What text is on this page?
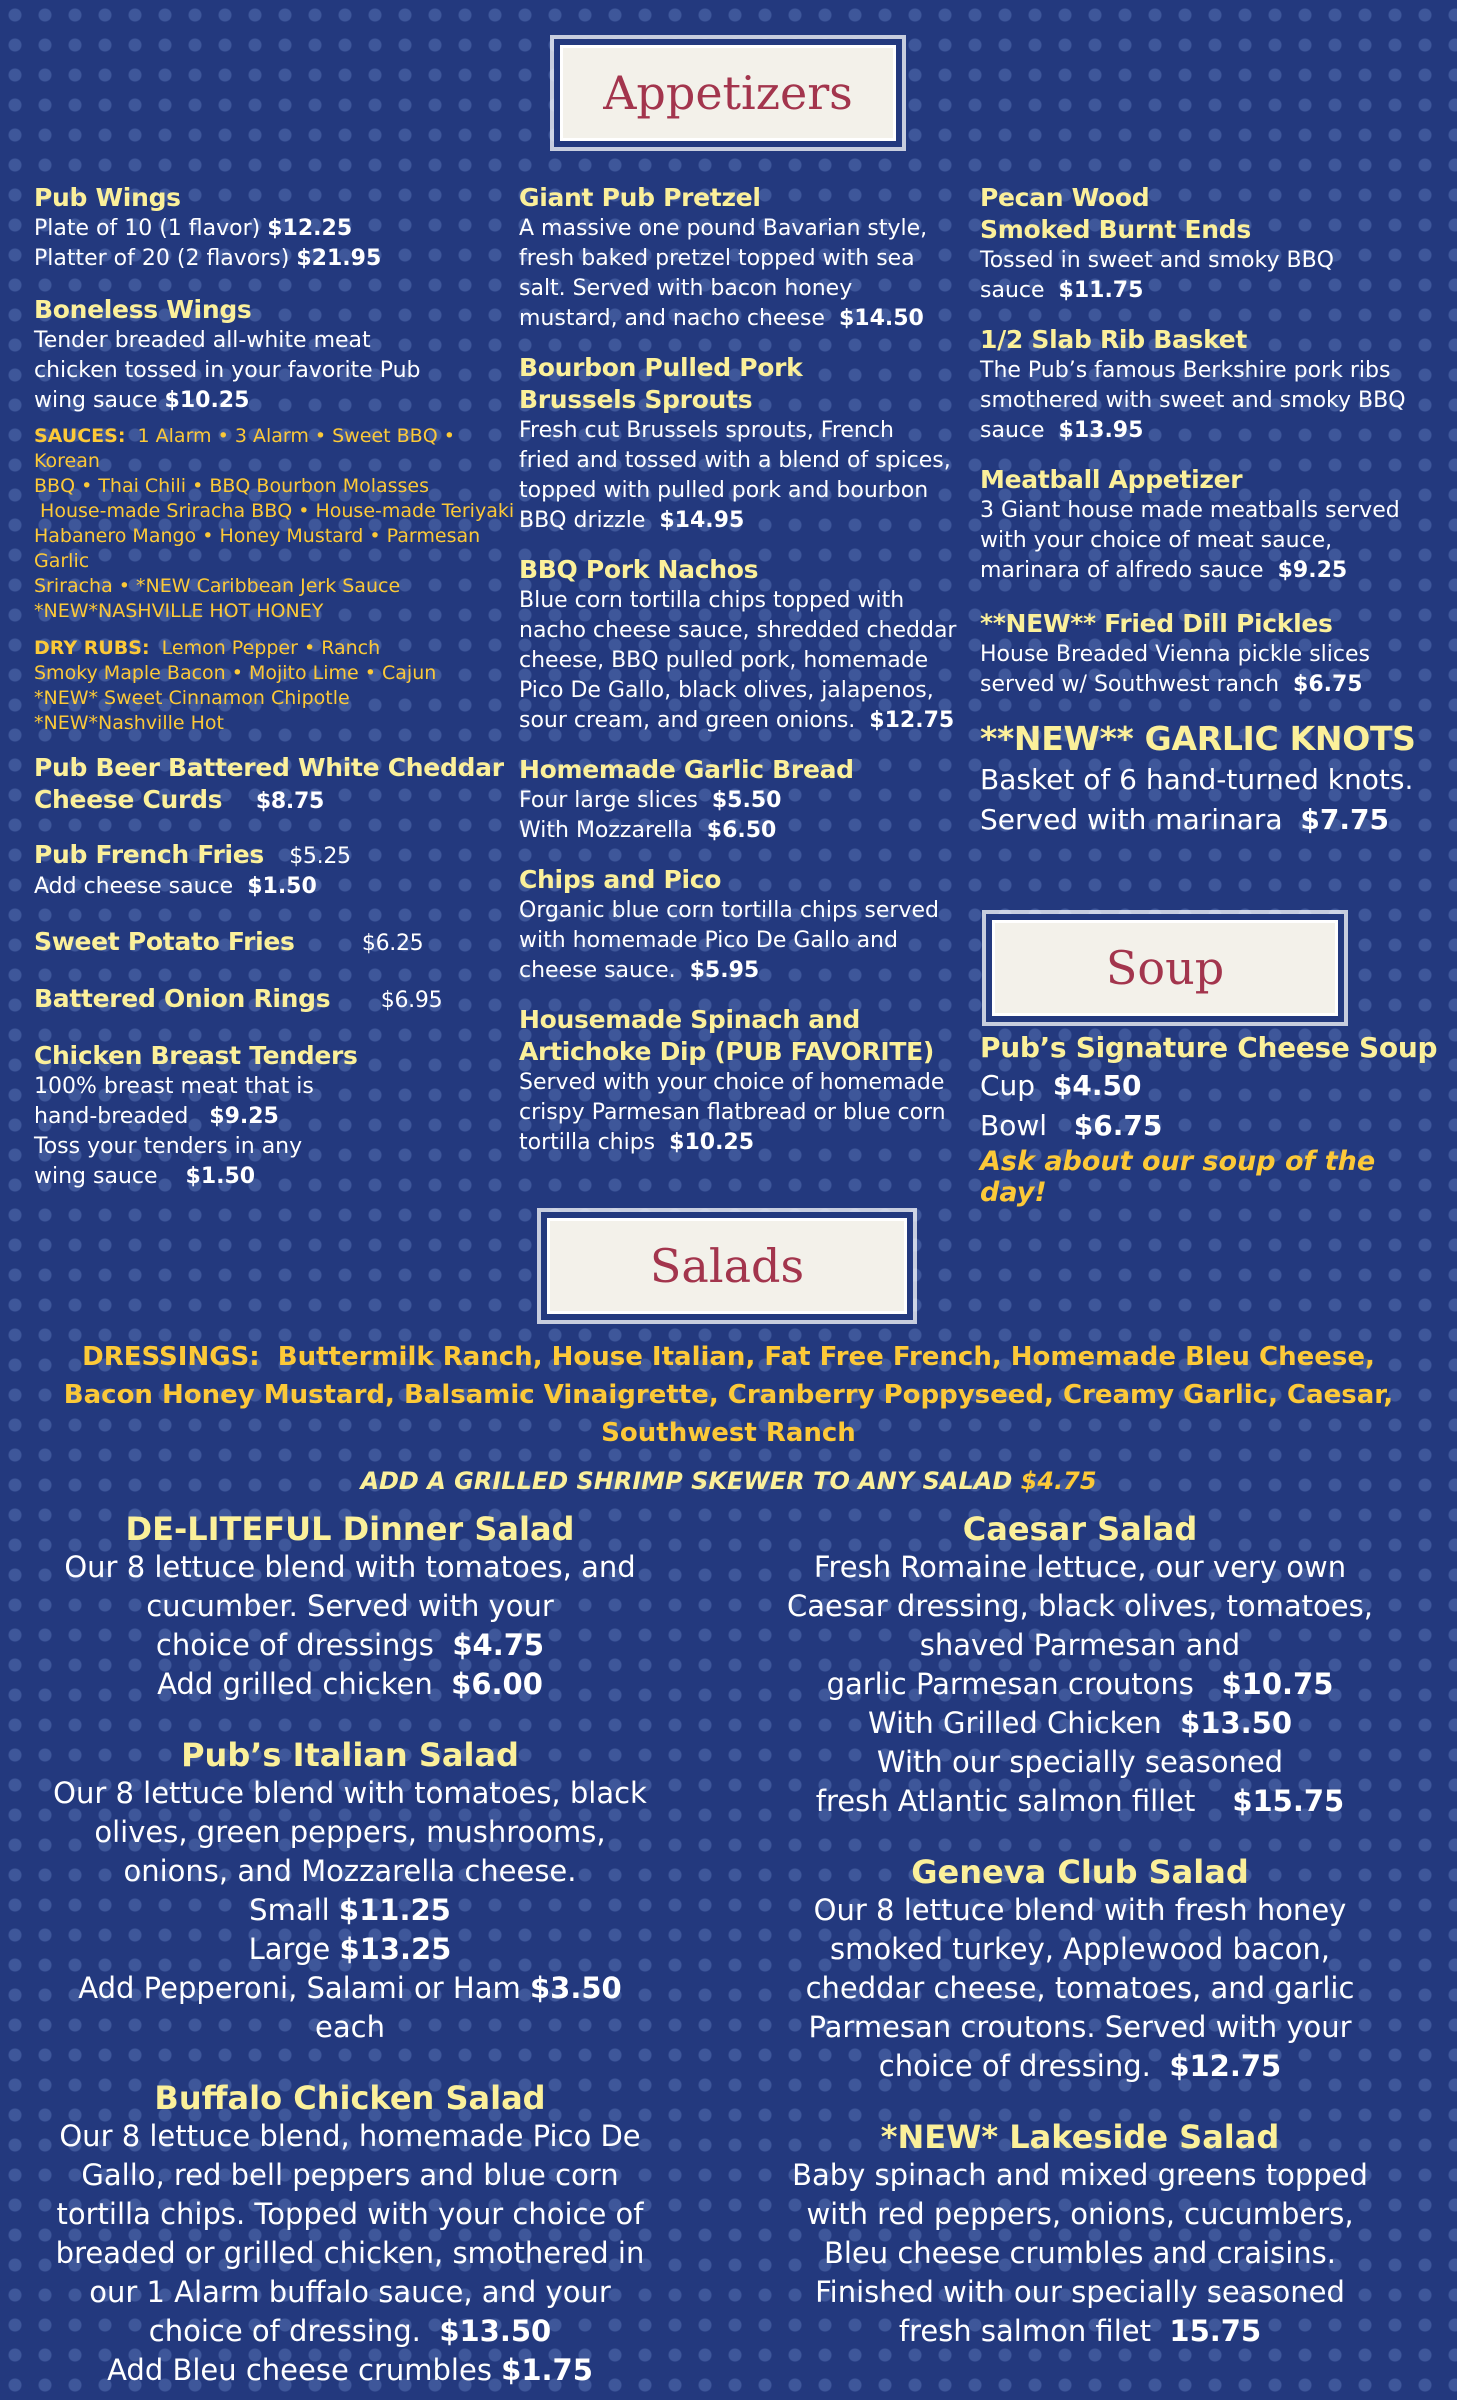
Appetizers
Pub Wings
Plate of 10 (1 flavor) $12.25
Platter of 20 (2 flavors) $21.95
Boneless Wings
Tender breaded all-white meat
chicken tossed in your favorite Pub
wing sauce $10.25
SAUCES: 1 Alarm • 3 Alarm • Sweet BBQ • Korean
BBQ • Thai Chili • BBQ Bourbon Molasses
House-made Sriracha BBQ • House-made Teriyaki
Habanero Mango • Honey Mustard • Parmesan Garlic
Sriracha • *NEW Caribbean Jerk Sauce
*NEW*NASHVILLE HOT HONEY
DRY RUBS: Lemon Pepper • Ranch
Smoky Maple Bacon • Mojito Lime • Cajun
*NEW* Sweet Cinnamon Chipotle
*NEW*Nashville Hot
Pub Beer Battered White Cheddar
Cheese Curds $8.75
Pub French Fries $5.25
Add cheese sauce $1.50
Sweet Potato Fries	$6.25
Battered Onion Rings $6.95
Chicken Breast Tenders
100% breast meat that is
hand-breaded $9.25
Toss your tenders in any
wing sauce $1.50
Giant Pub Pretzel
A massive one pound Bavarian style,
fresh baked pretzel topped with sea
salt. Served with bacon honey
mustard, and nacho cheese $14.50
Bourbon Pulled Pork
Brussels Sprouts
Fresh cut Brussels sprouts, French
fried and tossed with a blend of spices,
topped with pulled pork and bourbon
BBQ drizzle $14.95
BBQ Pork Nachos
Blue corn tortilla chips topped with
nacho cheese sauce, shredded cheddar
cheese, BBQ pulled pork, homemade
Pico De Gallo, black olives, jalapenos,
sour cream, and green onions. $12.75
Homemade Garlic Bread
Four large slices $5.50
With Mozzarella $6.50
Chips and Pico
Organic blue corn tortilla chips served
with homemade Pico De Gallo and
cheese sauce. $5.95
Housemade Spinach and
Artichoke Dip (PUB FAVORITE)
Served with your choice of homemade
crispy Parmesan flatbread or blue corn
tortilla chips $10.25
Pecan Wood
Smoked Burnt Ends
Tossed in sweet and smoky BBQ
sauce $11.75
1/2 Slab Rib Basket
The Pub’s famous Berkshire pork ribs
smothered with sweet and smoky BBQ
sauce $13.95
Meatball Appetizer
3 Giant house made meatballs served
with your choice of meat sauce,
marinara of alfredo sauce $9.25
**NEW** Fried Dill Pickles
House Breaded Vienna pickle slices
served w/ Southwest ranch $6.75
**NEW** GARLIC KNOTS
Basket of 6 hand-turned knots.
Served with marinara $7.75
Soup
Pub’s Signature Cheese Soup
Cup $4.50
Bowl $6.75
Ask about our soup of the day!
Salads
DRESSINGS: Buttermilk Ranch, House Italian, Fat Free French, Homemade Bleu Cheese,
Bacon Honey Mustard, Balsamic Vinaigrette, Cranberry Poppyseed, Creamy Garlic, Caesar,
Southwest Ranch
ADD A GRILLED SHRIMP SKEWER TO ANY SALAD $4.75
DE-LITEFUL Dinner Salad
Our 8 lettuce blend with tomatoes, and
cucumber. Served with your
choice of dressings $4.75
Add grilled chicken $6.00
Pub’s Italian Salad
Our 8 lettuce blend with tomatoes, black
olives, green peppers, mushrooms,
onions, and Mozzarella cheese.
Small $11.25
Large $13.25
Add Pepperoni, Salami or Ham $3.50 each
Buffalo Chicken Salad
Our 8 lettuce blend, homemade Pico De
Gallo, red bell peppers and blue corn
tortilla chips. Topped with your choice of
breaded or grilled chicken, smothered in
our 1 Alarm buffalo sauce, and your
choice of dressing. $13.50
Add Bleu cheese crumbles $1.75
Caesar Salad
Fresh Romaine lettuce, our very own
Caesar dressing, black olives, tomatoes,
shaved Parmesan and
garlic Parmesan croutons $10.75
With Grilled Chicken $13.50
With our specially seasoned
fresh Atlantic salmon fillet $15.75
Geneva Club Salad
Our 8 lettuce blend with fresh honey
smoked turkey, Applewood bacon,
cheddar cheese, tomatoes, and garlic
Parmesan croutons. Served with your
choice of dressing. $12.75
*NEW* Lakeside Salad
Baby spinach and mixed greens topped
with red peppers, onions, cucumbers,
Bleu cheese crumbles and craisins.
Finished with our specially seasoned
fresh salmon filet 15.75
